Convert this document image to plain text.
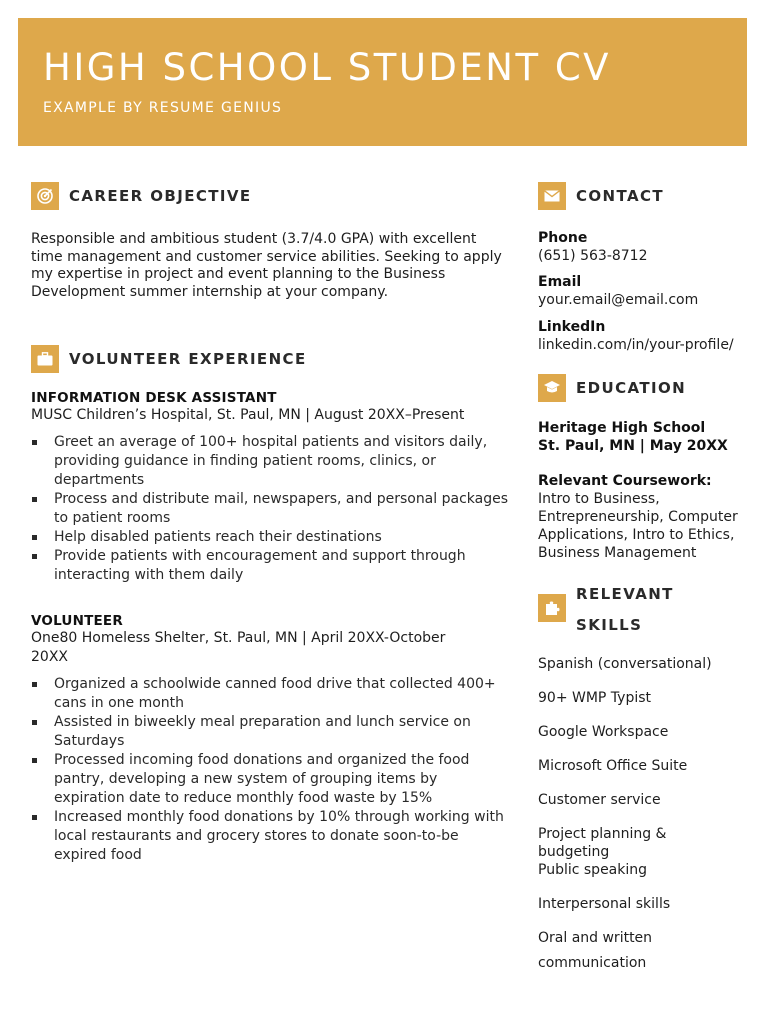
HIGH SCHOOL STUDENT CV
EXAMPLE BY RESUME GENIUS
CAREER OBJECTIVE

Responsible and ambitious student (3.7/4.0 GPA) with excellent time management and customer service abilities. Seeking to apply my expertise in project and event planning to the Business Development summer internship at your company.

VOLUNTEER EXPERIENCE
INFORMATION DESK ASSISTANT
MUSC Children’s Hospital, St. Paul, MN | August 20XX–Present
Greet an average of 100+ hospital patients and visitors daily, providing guidance in finding patient rooms, clinics, or departments
Process and distribute mail, newspapers, and personal packages to patient rooms
Help disabled patients reach their destinations
Provide patients with encouragement and support through interacting with them daily
VOLUNTEER
One80 Homeless Shelter, St. Paul, MN | April 20XX-October 20XX
Organized a schoolwide canned food drive that collected 400+ cans in one month
Assisted in biweekly meal preparation and lunch service on Saturdays
Processed incoming food donations and organized the food pantry, developing a new system of grouping items by expiration date to reduce monthly food waste by 15%
Increased monthly food donations by 10% through working with local restaurants and grocery stores to donate soon-to-be expired food
CONTACT
Phone
(651) 563-8712
Email
your.email@email.com
LinkedIn
linkedin.com/in/your-profile/
EDUCATION
Heritage High School
St. Paul, MN | May 20XX
Relevant Coursework:
Intro to Business, Entrepreneurship, Computer Applications, Intro to Ethics, Business Management
RELEVANT
SKILLS
Spanish (conversational)
90+ WMP Typist
Google Workspace
Microsoft Office Suite
Customer service
Project planning & budgeting
Public speaking
Interpersonal skills
Oral and written
communication
